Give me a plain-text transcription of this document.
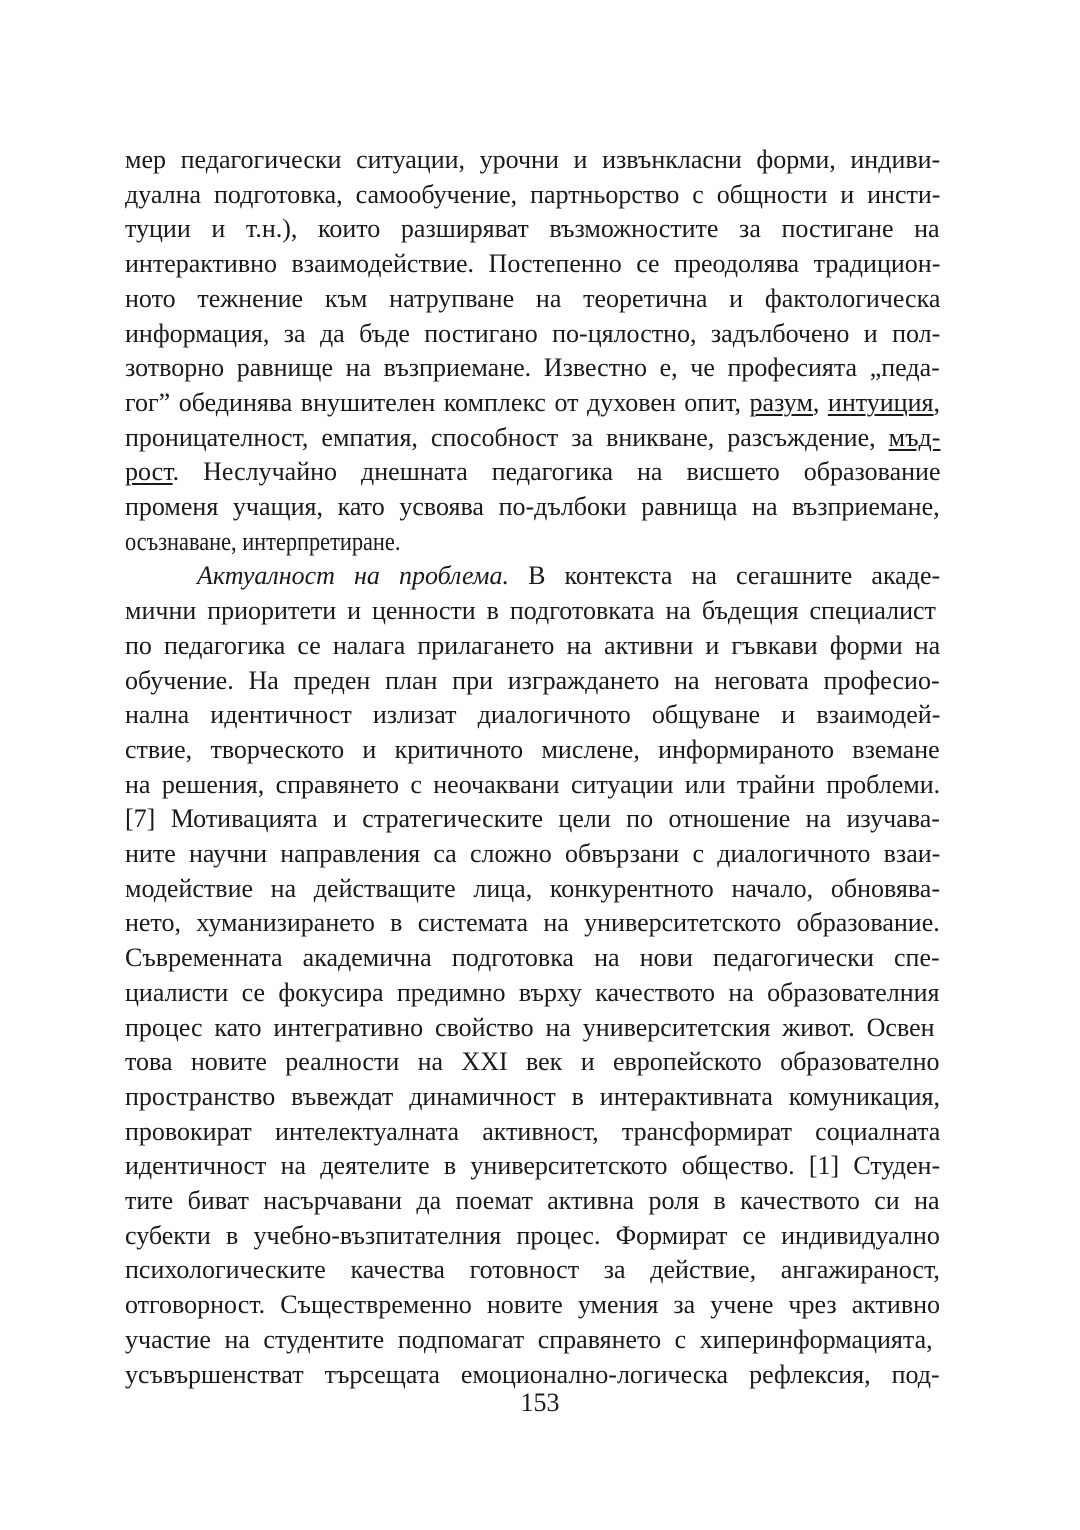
мер педагогически ситуации, урочни и извънкласни форми, индиви-
дуална подготовка, самообучение, партньорство с общности и инсти-
туции и т.н.), които разширяват възможностите за постигане на
интерактивно взаимодействие. Постепенно се преодолява традицион-
ното тежнение към натрупване на теоретична и фактологическа
информация, за да бъде постигано по-цялостно, задълбочено и пол-
зотворно равнище на възприемане. Известно е, че професията „педа-
гог” обединява внушителен комплекс от духовен опит, разум, интуиция,
проницателност, емпатия, способност за вникване, разсъждение, мъд-
рост. Неслучайно днешната педагогика на висшето образование
променя учащия, като усвоява по-дълбоки равнища на възприемане,
осъзнаване, интерпретиране.
Актуалност на проблема. В контекста на сегашните акаде-
мични приоритети и ценности в подготовката на бъдещия специалист
по педагогика се налага прилагането на активни и гъвкави форми на
обучение. На преден план при изграждането на неговата професио-
нална идентичност излизат диалогичното общуване и взаимодей-
ствие, творческото и критичното мислене, информираното вземане
на решения, справянето с неочаквани ситуации или трайни проблеми.
[7] Мотивацията и стратегическите цели по отношение на изучава-
ните научни направления са сложно обвързани с диалогичното взаи-
модействие на действащите лица, конкурентното начало, обновява-
нето, хуманизирането в системата на университетското образование.
Съвременната академична подготовка на нови педагогически спе-
циалисти се фокусира предимно върху качеството на образователния
процес като интегративно свойство на университетския живот. Освен
това новите реалности на XXI век и европейското образователно
пространство въвеждат динамичност в интерактивната комуникация,
провокират интелектуалната активност, трансформират социалната
идентичност на деятелите в университетското общество. [1] Студен-
тите биват насърчавани да поемат активна роля в качеството си на
субекти в учебно-възпитателния процес. Формират се индивидуално
психологическите качества готовност за действие, ангажираност,
отговорност. Съществременно новите умения за учене чрез активно
участие на студентите подпомагат справянето с хиперинформацията,
усъвършенстват търсещата емоционално-логическа рефлексия, под-
153
